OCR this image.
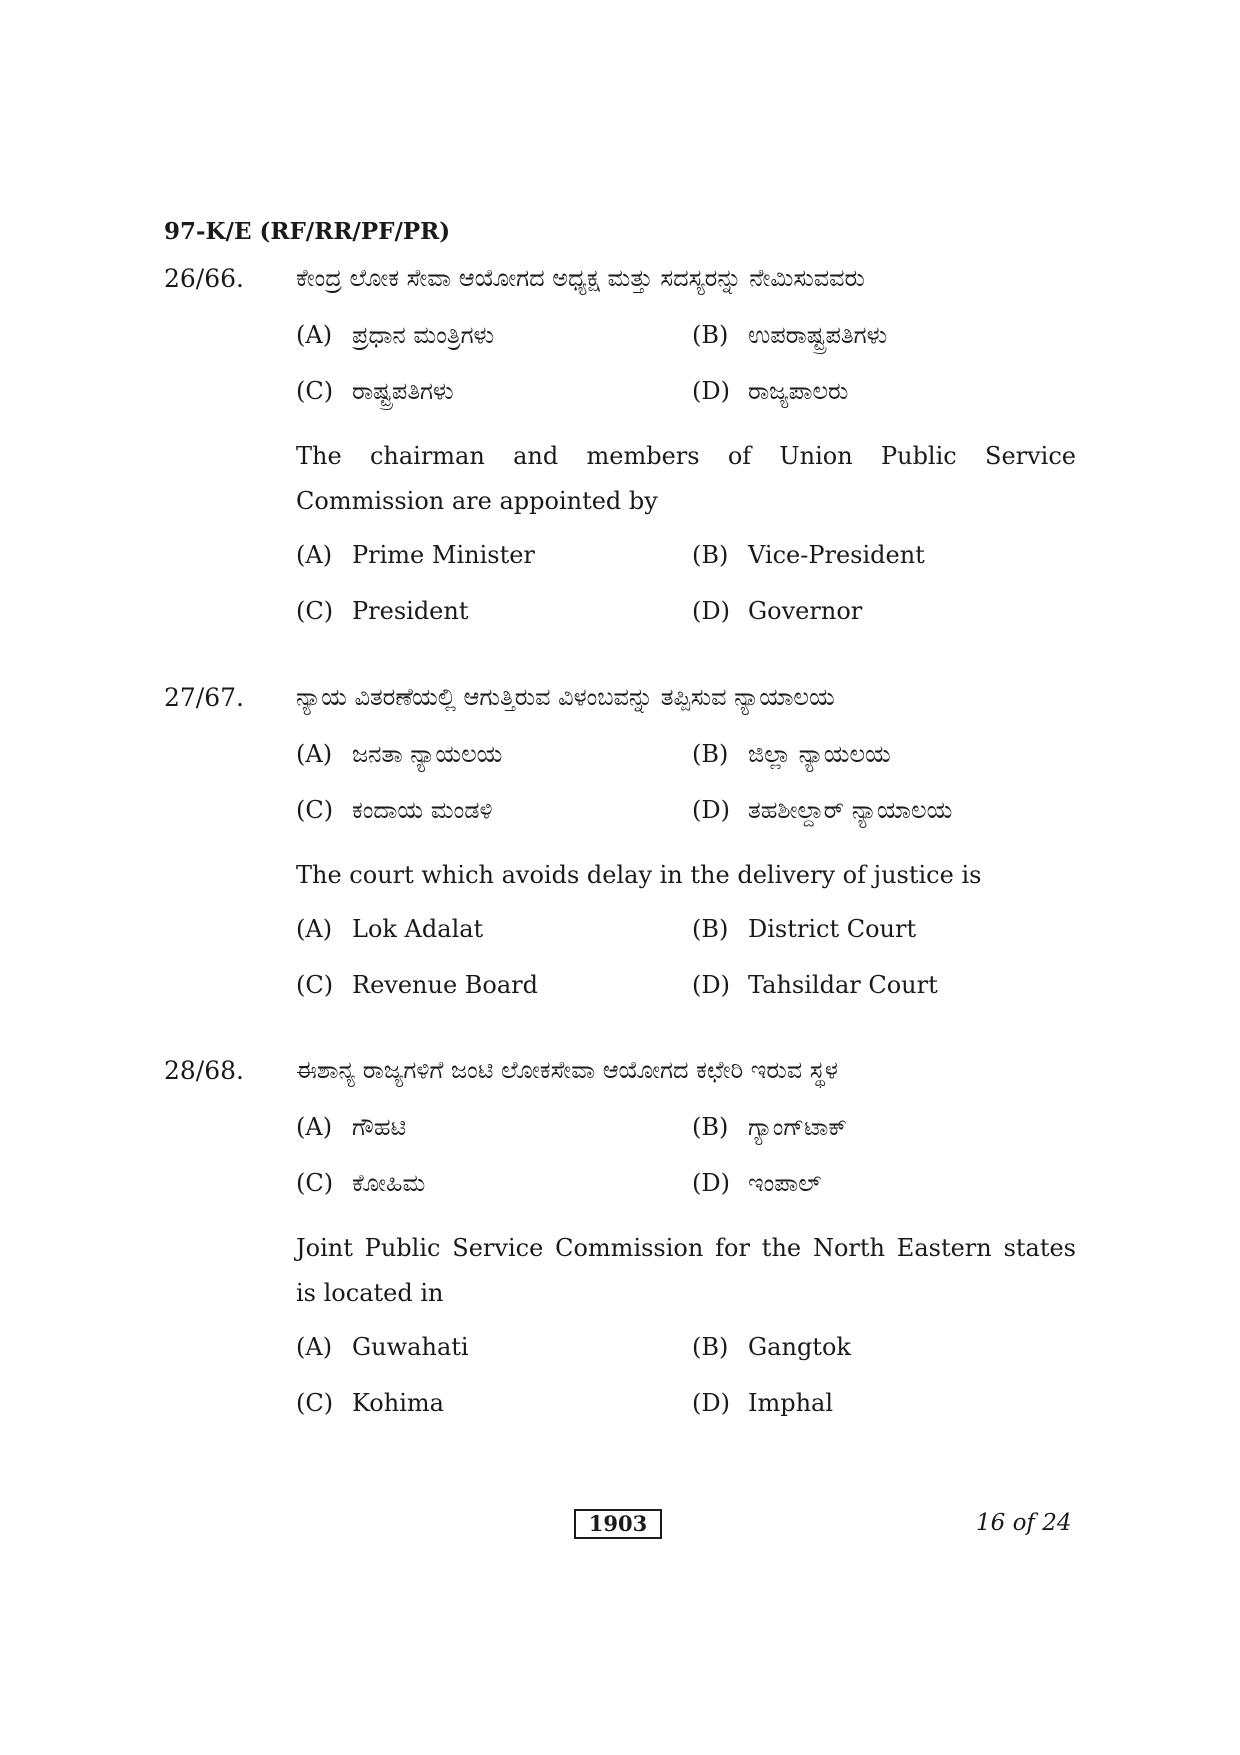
97-K/E (RF/RR/PF/PR)
26/66. ಕೇಂದ್ರ ಲೋಕ ಸೇವಾ ಆಯೋಗದ ಅಧ್ಯಕ್ಷ ಮತ್ತು ಸದಸ್ಯರನ್ನು ನೇಮಿಸುವವರು
(A) ಪ್ರಧಾನ ಮಂತ್ರಿಗಳು	(B) ಉಪರಾಷ್ಟ್ರಪತಿಗಳು
(C) ರಾಷ್ಟ್ರಪತಿಗಳು	(D) ರಾಜ್ಯಪಾಲರು
The chairman and members of Union Public Service
Commission are appointed by
(A) Prime Minister	(B) Vice-President
(C) President	(D) Governor
27/67. ನ್ಯಾಯ ವಿತರಣೆಯಲ್ಲಿ ಆಗುತ್ತಿರುವ ವಿಳಂಬವನ್ನು ತಪ್ಪಿಸುವ ನ್ಯಾಯಾಲಯ
(A) ಜನತಾ ನ್ಯಾಯಲಯ	(B) ಜಿಲ್ಲಾ ನ್ಯಾಯಲಯ
(C) ಕಂದಾಯ ಮಂಡಳಿ	(D) ತಹಶೀಲ್ದಾರ್ ನ್ಯಾಯಾಲಯ
The court which avoids delay in the delivery of justice is
(A) Lok Adalat	(B) District Court
(C) Revenue Board	(D) Tahsildar Court
28/68. ಈಶಾನ್ಯ ರಾಜ್ಯಗಳಿಗೆ ಜಂಟಿ ಲೋಕಸೇವಾ ಆಯೋಗದ ಕಛೇರಿ ಇರುವ ಸ್ಥಳ
(A) ಗೌಹಟಿ	(B) ಗ್ಯಾಂಗ್‌ಟಾಕ್
(C) ಕೋಹಿಮ	(D) ಇಂಪಾಲ್
Joint Public Service Commission for the North Eastern states
is located in
(A) Guwahati	(B) Gangtok
(C) Kohima	(D) Imphal
1903	16 of 24
